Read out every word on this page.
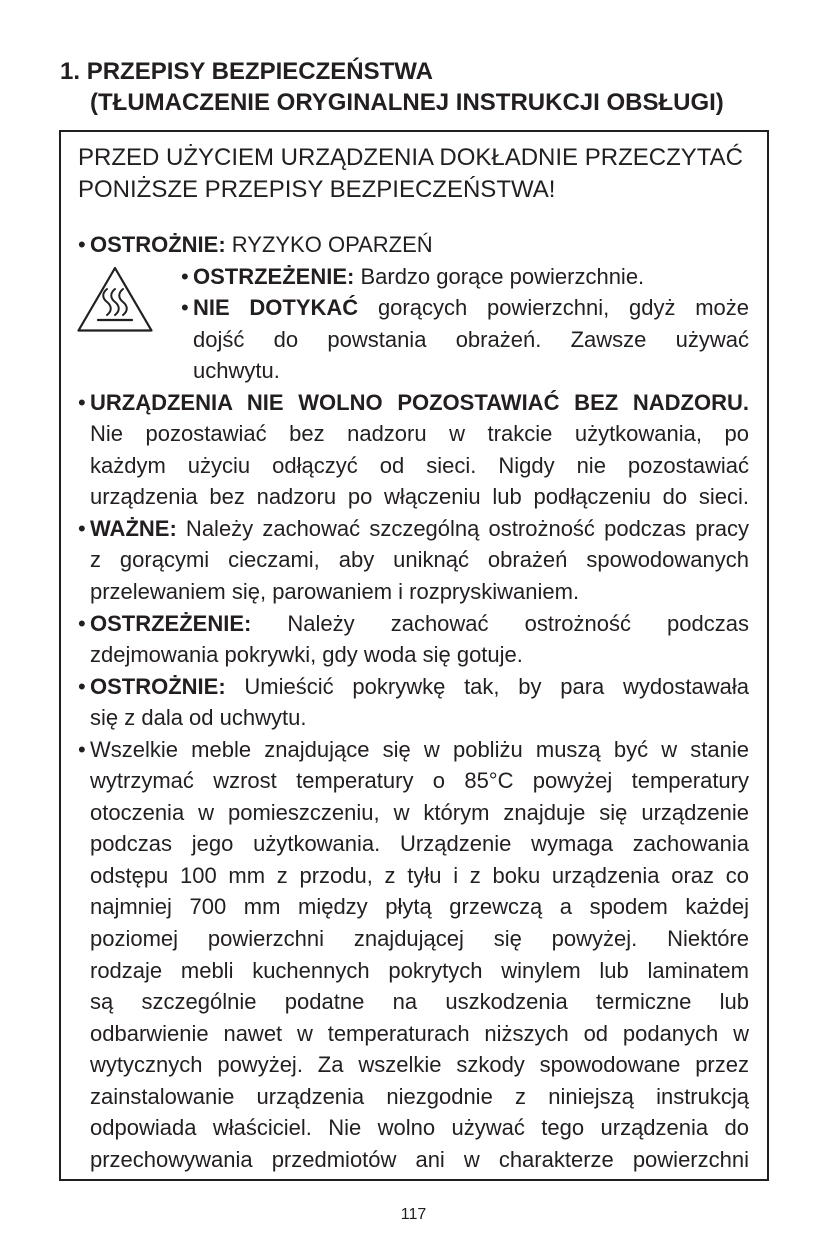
1. PRZEPISY BEZPIECZEŃSTWA
(TŁUMACZENIE ORYGINALNEJ INSTRUKCJI OBSŁUGI)
PRZED UŻYCIEM URZĄDZENIA DOKŁADNIE PRZECZYTAĆ
PONIŻSZE PRZEPISY BEZPIECZEŃSTWA!
• OSTROŻNIE: RYZYKO OPARZEŃ
• OSTRZEŻENIE: Bardzo gorące powierzchnie.
• NIE DOTYKAĆ gorących powierzchni, gdyż może
dojść do powstania obrażeń. Zawsze używać
uchwytu.
• URZĄDZENIA NIE WOLNO POZOSTAWIAĆ BEZ NADZORU.
Nie pozostawiać bez nadzoru w trakcie użytkowania, po
każdym użyciu odłączyć od sieci. Nigdy nie pozostawiać
urządzenia bez nadzoru po włączeniu lub podłączeniu do sieci.
• WAŻNE: Należy zachować szczególną ostrożność podczas pracy
z gorącymi cieczami, aby uniknąć obrażeń spowodowanych
przelewaniem się, parowaniem i rozpryskiwaniem.
• OSTRZEŻENIE: Należy zachować ostrożność podczas
zdejmowania pokrywki, gdy woda się gotuje.
• OSTROŻNIE: Umieścić pokrywkę tak, by para wydostawała
się z dala od uchwytu.
• Wszelkie meble znajdujące się w pobliżu muszą być w stanie
wytrzymać wzrost temperatury o 85°C powyżej temperatury
otoczenia w pomieszczeniu, w którym znajduje się urządzenie
podczas jego użytkowania. Urządzenie wymaga zachowania
odstępu 100 mm z przodu, z tyłu i z boku urządzenia oraz co
najmniej 700 mm między płytą grzewczą a spodem każdej
poziomej powierzchni znajdującej się powyżej. Niektóre
rodzaje mebli kuchennych pokrytych winylem lub laminatem
są szczególnie podatne na uszkodzenia termiczne lub
odbarwienie nawet w temperaturach niższych od podanych w
wytycznych powyżej. Za wszelkie szkody spowodowane przez
zainstalowanie urządzenia niezgodnie z niniejszą instrukcją
odpowiada właściciel. Nie wolno używać tego urządzenia do
przechowywania przedmiotów ani w charakterze powierzchni
117
